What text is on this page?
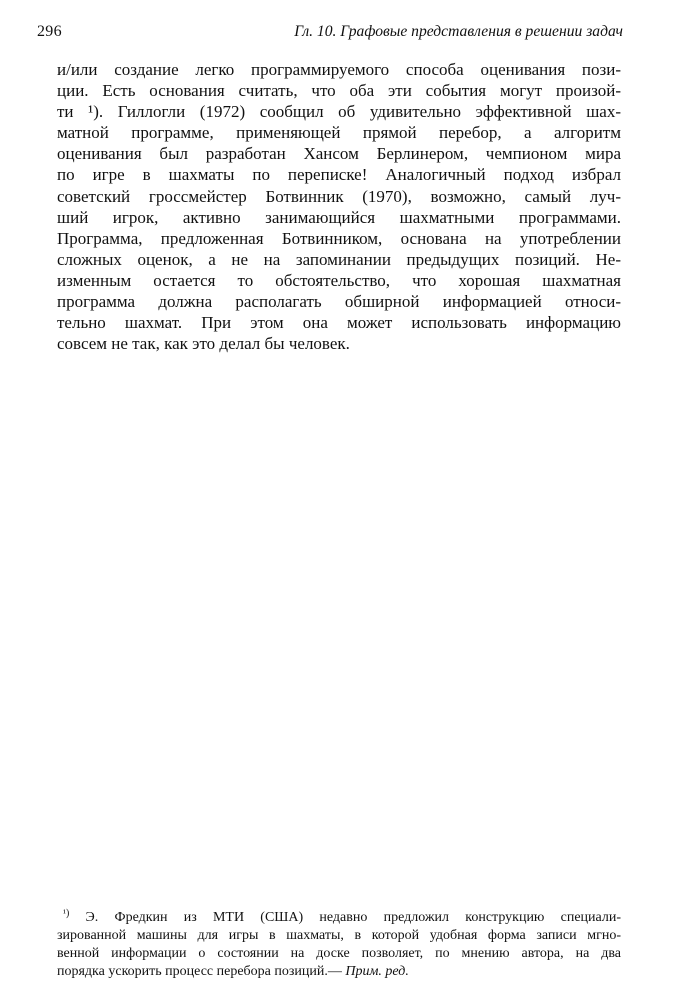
296	Гл. 10. Графовые представления в решении задач
и/или создание легко программируемого способа оценивания пози-
ции. Есть основания считать, что оба эти события могут произой-
ти ¹). Гиллогли (1972) сообщил об удивительно эффективной шах-
матной программе, применяющей прямой перебор, а алгоритм
оценивания был разработан Хансом Берлинером, чемпионом мира
по игре в шахматы по переписке! Аналогичный подход избрал
советский гроссмейстер Ботвинник (1970), возможно, самый луч-
ший игрок, активно занимающийся шахматными программами.
Программа, предложенная Ботвинником, основана на употреблении
сложных оценок, а не на запоминании предыдущих позиций. Не-
изменным остается то обстоятельство, что хорошая шахматная
программа должна располагать обширной информацией относи-
тельно шахмат. При этом она может использовать информацию
совсем не так, как это делал бы человек.
$^{^1)}$ Э. Фредкин из МТИ (США) недавно предложил конструкцию специали-
зированной машины для игры в шахматы, в которой удобная форма записи мгно-
венной информации о состоянии на доске позволяет, по мнению автора, на два
порядка ускорить процесс перебора позиций.— Прим. ред.
